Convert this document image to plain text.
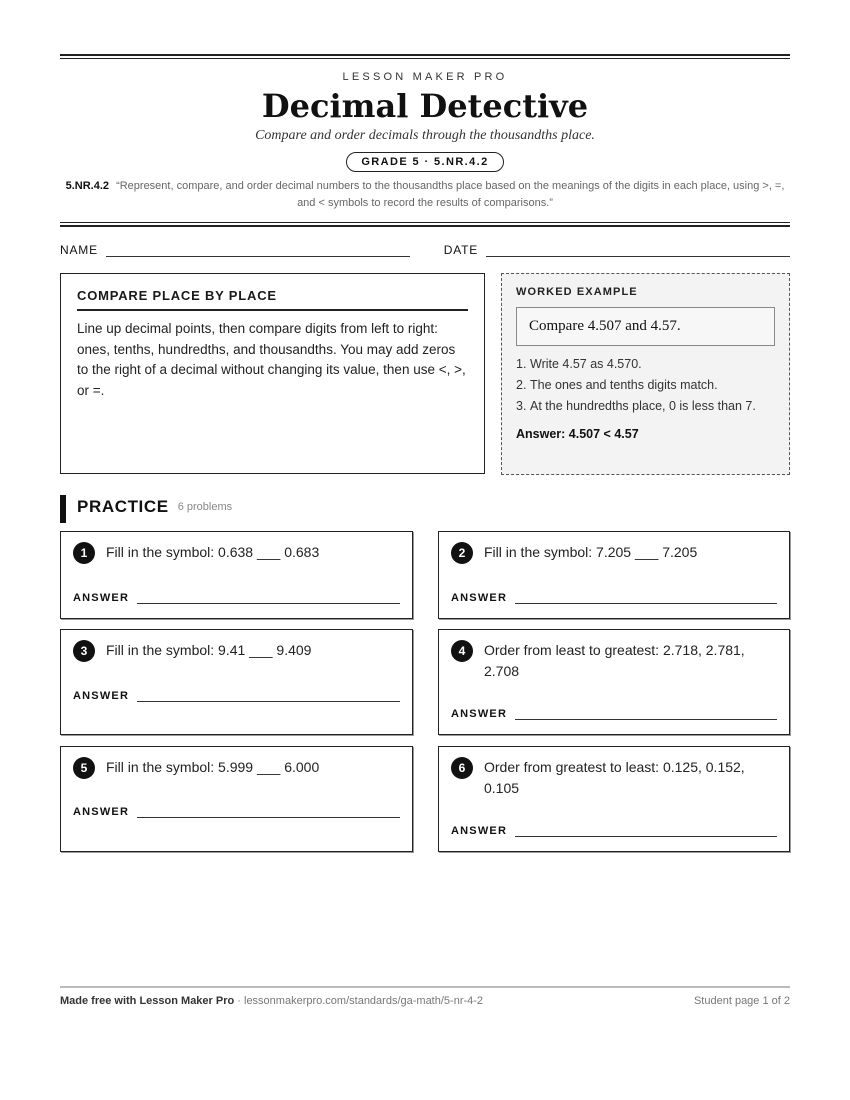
LESSON MAKER PRO
Decimal Detective
Compare and order decimals through the thousandths place.
GRADE 5 · 5.NR.4.2
5.NR.4.2 “Represent, compare, and order decimal numbers to the thousandths place based on the meanings of the digits in each place, using >, =, and < symbols to record the results of comparisons.”
NAME	DATE
COMPARE PLACE BY PLACE

Line up decimal points, then compare digits from left to right: ones, tenths, hundredths, and thousandths. You may add zeros to the right of a decimal without changing its value, then use <, >, or =.

WORKED EXAMPLE
Compare 4.507 and 4.57.
1. Write 4.57 as 4.570.
2. The ones and tenths digits match.
3. At the hundredths place, 0 is less than 7.
Answer: 4.507 < 4.57
PRACTICE 6 problems
1	Fill in the symbol: 0.638 ___ 0.683
ANSWER
2	Fill in the symbol: 7.205 ___ 7.205
ANSWER
3	Fill in the symbol: 9.41 ___ 9.409
ANSWER
4	Order from least to greatest: 2.718, 2.781, 2.708
ANSWER
5	Fill in the symbol: 5.999 ___ 6.000
ANSWER
6	Order from greatest to least: 0.125, 0.152, 0.105
ANSWER
Made free with Lesson Maker Pro · lessonmakerpro.com/standards/ga-math/5-nr-4-2	Student page 1 of 2
